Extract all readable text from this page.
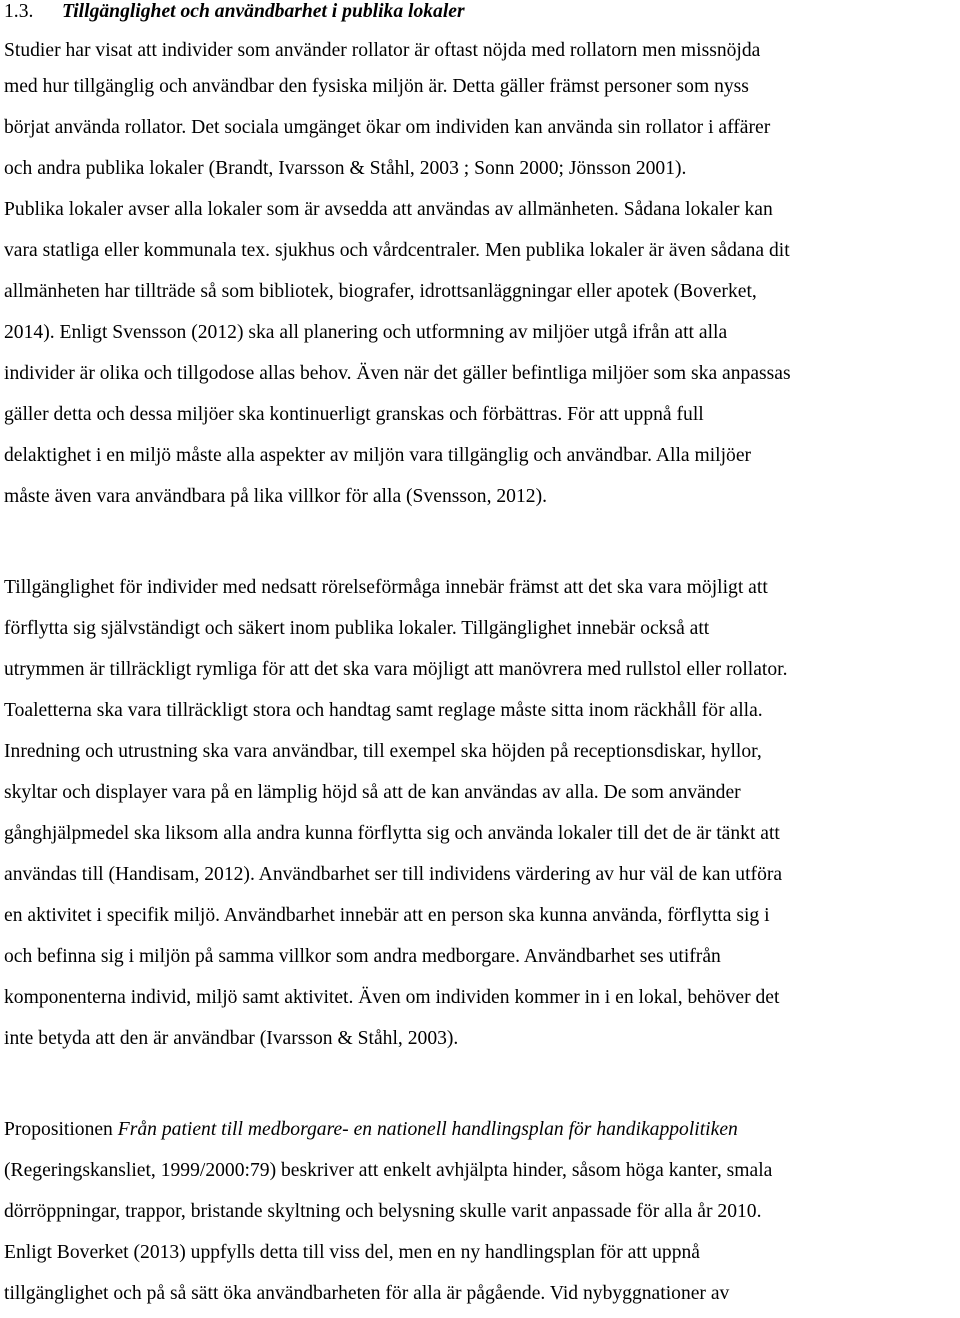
1.3. Tillgänglighet och användbarhet i publika lokaler
Studier har visat att individer som använder rollator är oftast nöjda med rollatorn men missnöjda
med hur tillgänglig och användbar den fysiska miljön är. Detta gäller främst personer som nyss
börjat använda rollator. Det sociala umgänget ökar om individen kan använda sin rollator i affärer
och andra publika lokaler (Brandt, Ivarsson & Ståhl, 2003 ; Sonn 2000; Jönsson 2001).
Publika lokaler avser alla lokaler som är avsedda att användas av allmänheten. Sådana lokaler kan
vara statliga eller kommunala tex. sjukhus och vårdcentraler. Men publika lokaler är även sådana dit
allmänheten har tillträde så som bibliotek, biografer, idrottsanläggningar eller apotek (Boverket,
2014). Enligt Svensson (2012) ska all planering och utformning av miljöer utgå ifrån att alla
individer är olika och tillgodose allas behov. Även när det gäller befintliga miljöer som ska anpassas
gäller detta och dessa miljöer ska kontinuerligt granskas och förbättras. För att uppnå full
delaktighet i en miljö måste alla aspekter av miljön vara tillgänglig och användbar. Alla miljöer
måste även vara användbara på lika villkor för alla (Svensson, 2012).
Tillgänglighet för individer med nedsatt rörelseförmåga innebär främst att det ska vara möjligt att
förflytta sig självständigt och säkert inom publika lokaler. Tillgänglighet innebär också att
utrymmen är tillräckligt rymliga för att det ska vara möjligt att manövrera med rullstol eller rollator.
Toaletterna ska vara tillräckligt stora och handtag samt reglage måste sitta inom räckhåll för alla.
Inredning och utrustning ska vara användbar, till exempel ska höjden på receptionsdiskar, hyllor,
skyltar och displayer vara på en lämplig höjd så att de kan användas av alla. De som använder
gånghjälpmedel ska liksom alla andra kunna förflytta sig och använda lokaler till det de är tänkt att
användas till (Handisam, 2012). Användbarhet ser till individens värdering av hur väl de kan utföra
en aktivitet i specifik miljö. Användbarhet innebär att en person ska kunna använda, förflytta sig i
och befinna sig i miljön på samma villkor som andra medborgare. Användbarhet ses utifrån
komponenterna individ, miljö samt aktivitet. Även om individen kommer in i en lokal, behöver det
inte betyda att den är användbar (Ivarsson & Ståhl, 2003).
Propositionen Från patient till medborgare- en nationell handlingsplan för handikappolitiken
(Regeringskansliet, 1999/2000:79) beskriver att enkelt avhjälpta hinder, såsom höga kanter, smala
dörröppningar, trappor, bristande skyltning och belysning skulle varit anpassade för alla år 2010.
Enligt Boverket (2013) uppfylls detta till viss del, men en ny handlingsplan för att uppnå
tillgänglighet och på så sätt öka användbarheten för alla är pågående. Vid nybyggnationer av
